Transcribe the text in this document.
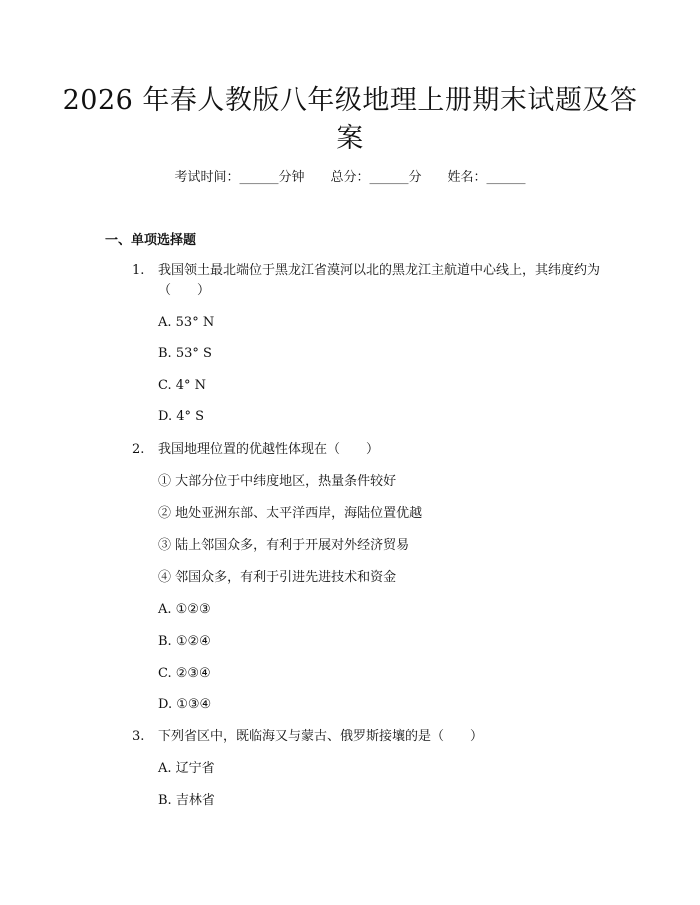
2026 年春人教版八年级地理上册期末试题及答案
考试时间：______分钟 总分：______分 姓名：______
一、单项选择题
1. 我国领土最北端位于黑龙江省漠河以北的黑龙江主航道中心线上，其纬度约为（　　）
A. 53° N
B. 53° S
C. 4° N
D. 4° S
2. 我国地理位置的优越性体现在（　　）
① 大部分位于中纬度地区，热量条件较好
② 地处亚洲东部、太平洋西岸，海陆位置优越
③ 陆上邻国众多，有利于开展对外经济贸易
④ 邻国众多，有利于引进先进技术和资金
A. ①②③
B. ①②④
C. ②③④
D. ①③④
3. 下列省区中，既临海又与蒙古、俄罗斯接壤的是（　　）
A. 辽宁省
B. 吉林省
